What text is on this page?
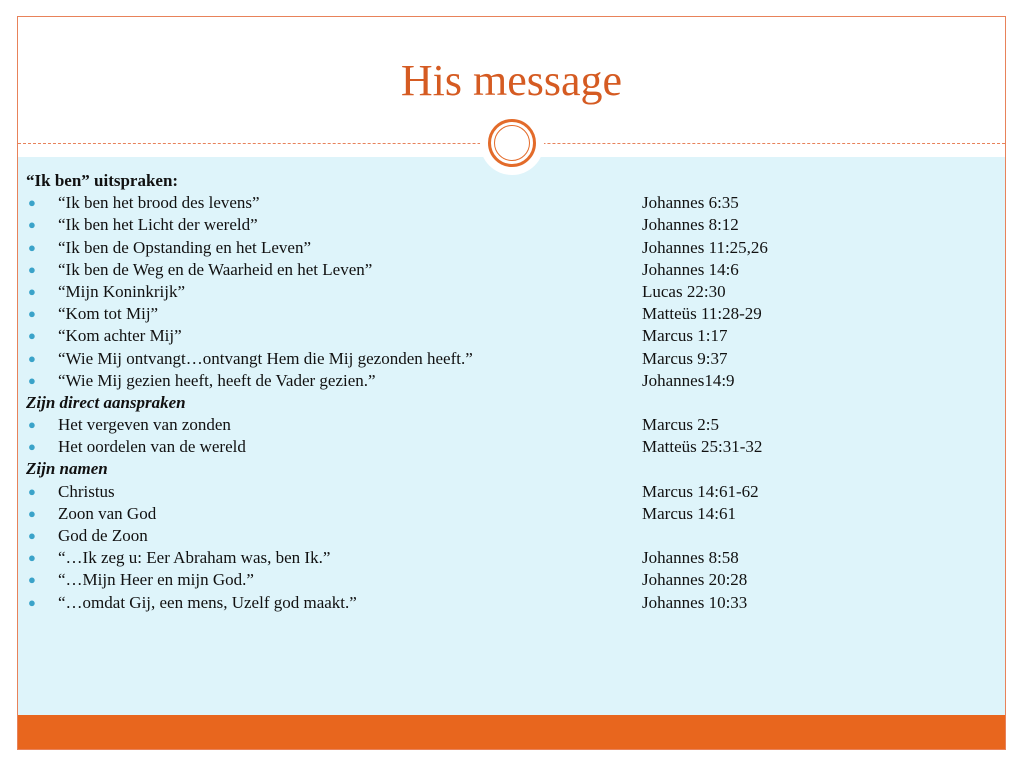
His message
“Ik ben” uitspraken:
● “Ik ben het brood des levens”	Johannes 6:35
● “Ik ben het Licht der wereld”	Johannes 8:12
● “Ik ben de Opstanding en het Leven”	Johannes 11:25,26
● “Ik ben de Weg en de Waarheid en het Leven”	Johannes 14:6
● “Mijn Koninkrijk”	Lucas 22:30
● “Kom tot Mij”	Matteüs 11:28-29
● “Kom achter Mij”	Marcus 1:17
● “Wie Mij ontvangt…ontvangt Hem die Mij gezonden heeft.”	Marcus 9:37
● “Wie Mij gezien heeft, heeft de Vader gezien.”	Johannes14:9
Zijn direct aanspraken
● Het vergeven van zonden	Marcus 2:5
● Het oordelen van de wereld	Matteüs 25:31-32
Zijn namen
● Christus	Marcus 14:61-62
● Zoon van God	Marcus 14:61
● God de Zoon
● “…Ik zeg u: Eer Abraham was, ben Ik.”	Johannes 8:58
● “…Mijn Heer en mijn God.”	Johannes 20:28
● “…omdat Gij, een mens, Uzelf god maakt.”	Johannes 10:33
